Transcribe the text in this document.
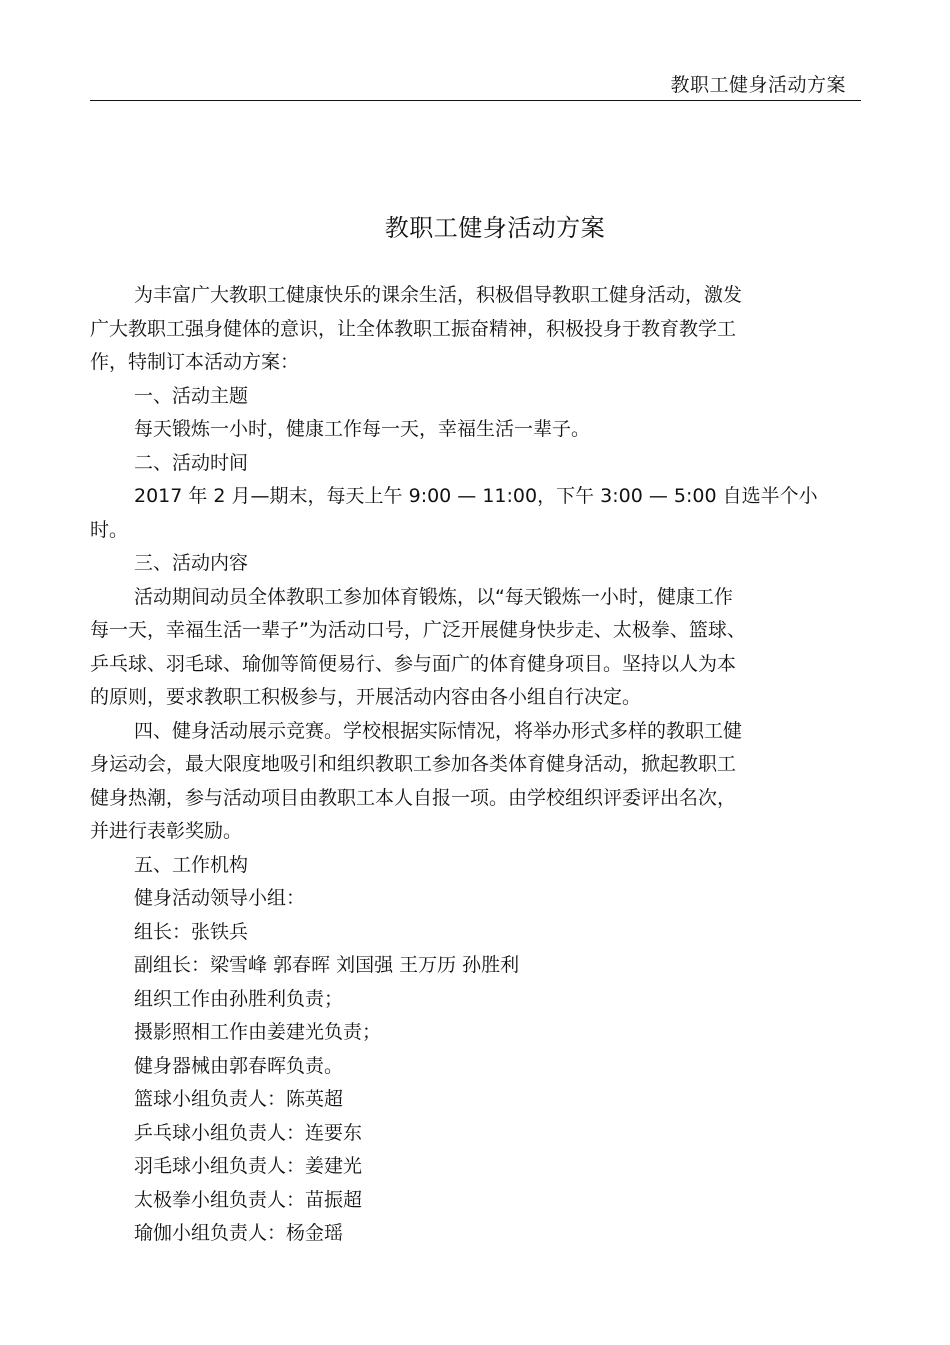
教职工健身活动方案
教职工健身活动方案

为丰富广大教职工健康快乐的课余生活，积极倡导教职工健身活动，激发

广大教职工强身健体的意识，让全体教职工振奋精神，积极投身于教育教学工

作，特制订本活动方案：

一、活动主题

每天锻炼一小时，健康工作每一天，幸福生活一辈子。

二、活动时间

2017 年 2 月—期末，每天上午 9:00 — 11:00，下午 3:00 — 5:00 自选半个小

时。

三、活动内容

活动期间动员全体教职工参加体育锻炼，以“每天锻炼一小时，健康工作

每一天，幸福生活一辈子”为活动口号，广泛开展健身快步走、太极拳、篮球、

乒乓球、羽毛球、瑜伽等简便易行、参与面广的体育健身项目。坚持以人为本

的原则，要求教职工积极参与，开展活动内容由各小组自行决定。

四、健身活动展示竞赛。学校根据实际情况，将举办形式多样的教职工健

身运动会，最大限度地吸引和组织教职工参加各类体育健身活动，掀起教职工

健身热潮，参与活动项目由教职工本人自报一项。由学校组织评委评出名次，

并进行表彰奖励。

五、工作机构

健身活动领导小组：

组长：张铁兵

副组长：梁雪峰 郭春晖 刘国强 王万历 孙胜利

组织工作由孙胜利负责；

摄影照相工作由姜建光负责；

健身器械由郭春晖负责。

篮球小组负责人：陈英超

乒乓球小组负责人：连要东

羽毛球小组负责人：姜建光

太极拳小组负责人：苗振超

瑜伽小组负责人：杨金瑶
